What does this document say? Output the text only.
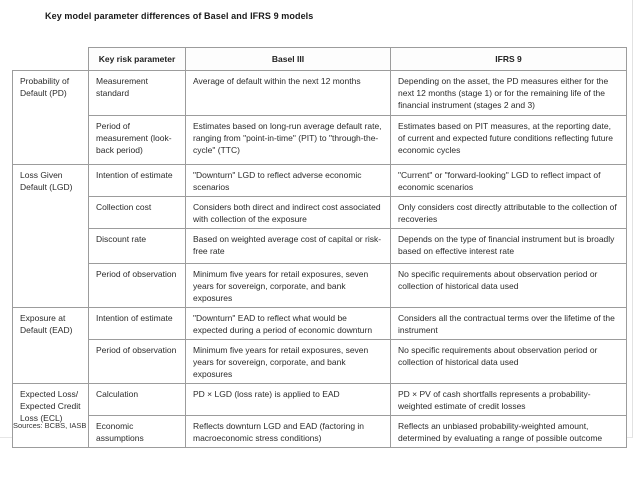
Key model parameter differences of Basel and IFRS 9 models
	Key risk parameter	Basel III	IFRS 9
Probability of Default (PD)	Measurement standard	Average of default within the next 12 months	Depending on the asset, the PD measures either for the next 12 months (stage 1) or for the remaining life of the financial instrument (stages 2 and 3)
	Period of measurement (look-back period)	Estimates based on long-run average default rate, ranging from "point-in-time" (PIT) to "through-the-cycle" (TTC)	Estimates based on PIT measures, at the reporting date, of current and expected future conditions reflecting future economic cycles
Loss Given Default (LGD)	Intention of estimate	"Downturn" LGD to reflect adverse economic scenarios	"Current" or "forward-looking" LGD to reflect impact of economic scenarios
	Collection cost	Considers both direct and indirect cost associated with collection of the exposure	Only considers cost directly attributable to the collection of recoveries
	Discount rate	Based on weighted average cost of capital or risk-free rate	Depends on the type of financial instrument but is broadly based on effective interest rate
	Period of observation	Minimum five years for retail exposures, seven years for sovereign, corporate, and bank exposures	No specific requirements about observation period or collection of historical data used
Exposure at Default (EAD)	Intention of estimate	"Downturn" EAD to reflect what would be expected during a period of economic downturn	Considers all the contractual terms over the lifetime of the instrument
	Period of observation	Minimum five years for retail exposures, seven years for sovereign, corporate, and bank exposures	No specific requirements about observation period or collection of historical data used
Expected Loss/ Expected Credit Loss (ECL)	Calculation	PD × LGD (loss rate) is applied to EAD	PD × PV of cash shortfalls represents a probability-weighted estimate of credit losses
	Economic assumptions	Reflects downturn LGD and EAD (factoring in macroeconomic stress conditions)	Reflects an unbiased probability-weighted amount, determined by evaluating a range of possible outcome
Sources: BCBS, IASB
